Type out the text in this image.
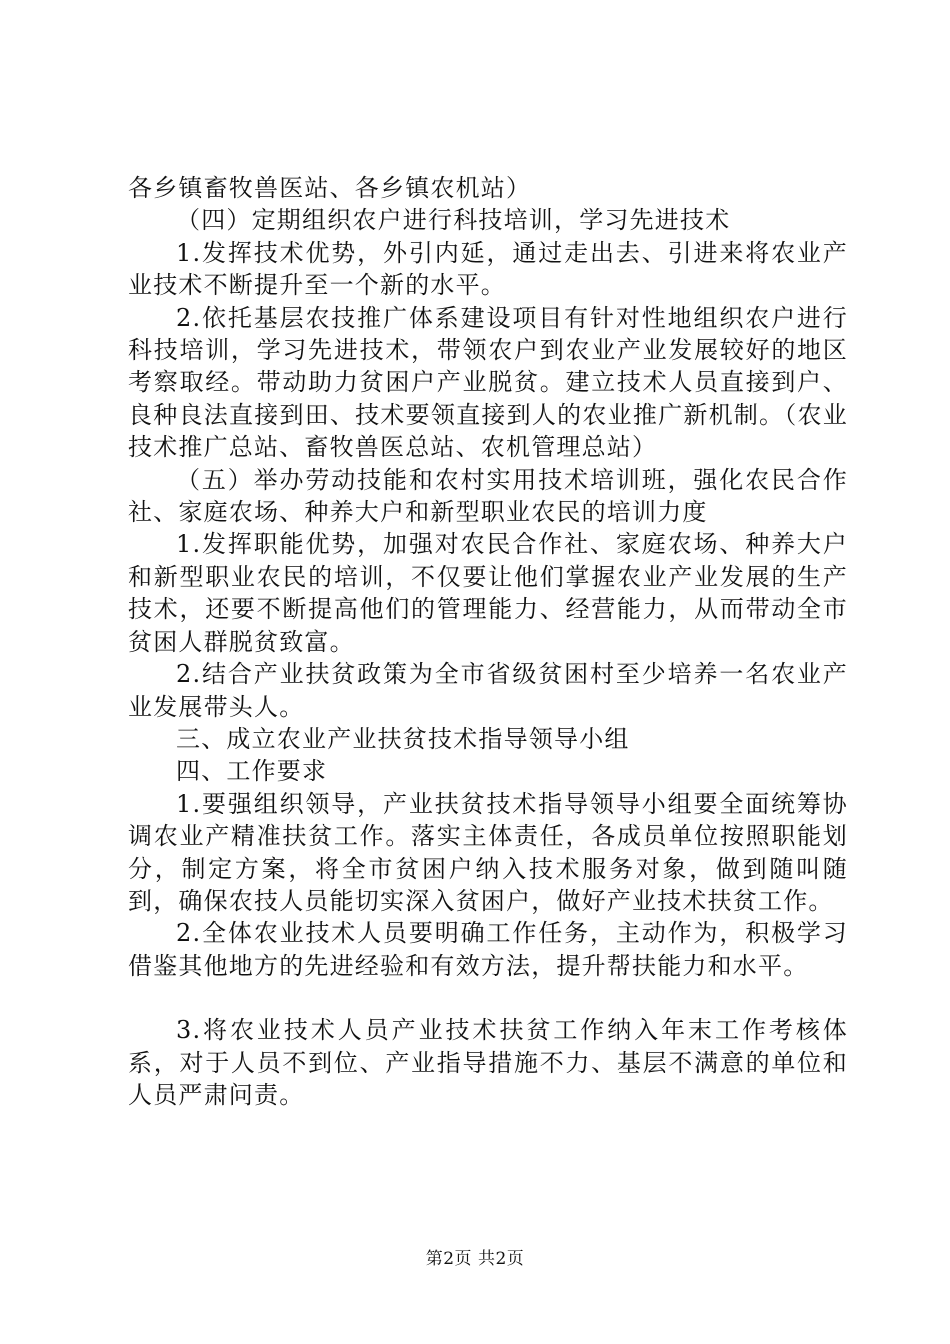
各乡镇畜牧兽医站、各乡镇农机站）

（四）定期组织农户进行科技培训，学习先进技术

1.发挥技术优势，外引内延，通过走出去、引进来将农业产业技术不断提升至一个新的水平。

2.依托基层农技推广体系建设项目有针对性地组织农户进行科技培训，学习先进技术，带领农户到农业产业发展较好的地区考察取经。带动助力贫困户产业脱贫。建立技术人员直接到户、良种良法直接到田、技术要领直接到人的农业推广新机制。（农业技术推广总站、畜牧兽医总站、农机管理总站）

（五）举办劳动技能和农村实用技术培训班，强化农民合作社、家庭农场、种养大户和新型职业农民的培训力度

1.发挥职能优势，加强对农民合作社、家庭农场、种养大户和新型职业农民的培训，不仅要让他们掌握农业产业发展的生产技术，还要不断提高他们的管理能力、经营能力，从而带动全市贫困人群脱贫致富。

2.结合产业扶贫政策为全市省级贫困村至少培养一名农业产业发展带头人。

三、成立农业产业扶贫技术指导领导小组

四、工作要求

1.要强组织领导，产业扶贫技术指导领导小组要全面统筹协调农业产精准扶贫工作。落实主体责任，各成员单位按照职能划分，制定方案，将全市贫困户纳入技术服务对象，做到随叫随到，确保农技人员能切实深入贫困户，做好产业技术扶贫工作。

2.全体农业技术人员要明确工作任务，主动作为，积极学习借鉴其他地方的先进经验和有效方法，提升帮扶能力和水平。

3.将农业技术人员产业技术扶贫工作纳入年末工作考核体系，对于人员不到位、产业指导措施不力、基层不满意的单位和人员严肃问责。

第2页 共2页
